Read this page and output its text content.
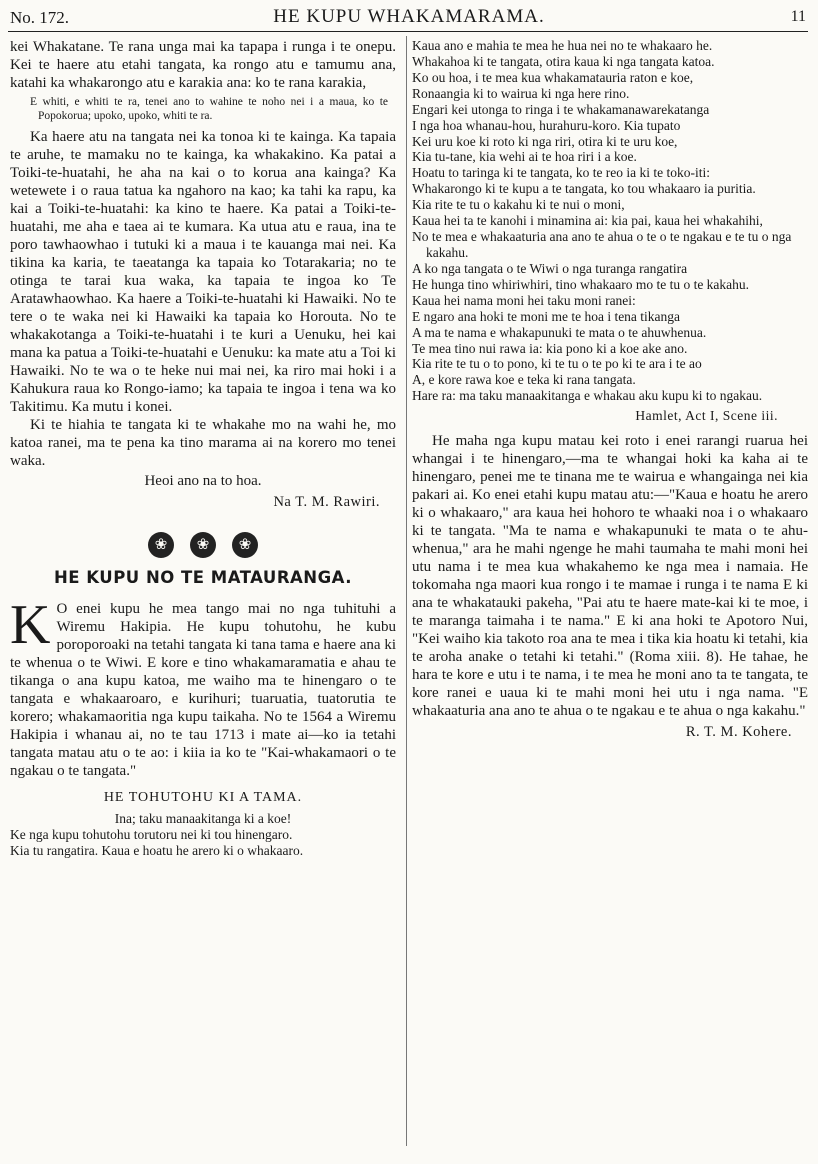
No. 172.	HE KUPU WHAKAMARAMA.	11

kei Whakatane. Te rana unga mai ka tapapa i runga i te onepu. Kei te haere atu etahi tangata, ka rongo atu e tamumu ana, katahi ka whakarongo atu e karakia ana: ko te rana karakia,

E whiti, e whiti te ra, tenei ano to wahine te noho nei i a maua, ko te Popokorua; upoko, upoko, whiti te ra.

Ka haere atu na tangata nei ka tonoa ki te kainga. Ka tapaia te aruhe, te mamaku no te kainga, ka whakakino. Ka patai a Toiki-te-huatahi, he aha na kai o to korua ana kainga? Ka wetewete i o raua tatua ka ngahoro na kao; ka tahi ka rapu, ka kai a Toiki-te-huatahi: ka kino te haere. Ka patai a Toiki-te-huatahi, me aha e taea ai te kumara. Ka utua atu e raua, ina te poro tawhaowhao i tutuki ki a maua i te kauanga mai nei. Ka tikina ka karia, te taeatanga ka tapaia ko Totarakaria; no te otinga te tarai kua waka, ka tapaia te ingoa ko Te Aratawhaowhao. Ka haere a Toiki-te-huatahi ki Hawaiki. No te tere o te waka nei ki Hawaiki ka tapaia ko Horouta. No te whakakotanga a Toiki-te-huatahi i te kuri a Uenuku, hei kai mana ka patua a Toiki-te-huatahi e Uenuku: ka mate atu a Toi ki Hawaiki. No te wa o te heke nui mai nei, ka riro mai hoki i a Kahukura raua ko Rongo-iamo; ka tapaia te ingoa i tena wa ko Takitimu. Ka mutu i konei.

Ki te hiahia te tangata ki te whakahe mo na wahi he, mo katoa ranei, ma te pena ka tino marama ai na korero mo tenei waka.

Heoi ano na to hoa.

Na T. M. Rawiri.

❀ ❀ ❀
HE KUPU NO TE MATAURANGA.

K O enei kupu he mea tango mai no nga tuhituhi a Wiremu Hakipia. He kupu tohutohu, he kubu poroporoaki na tetahi tangata ki tana tama e haere ana ki te whenua o te Wiwi. E kore e tino whakamaramatia e ahau te tikanga o ana kupu katoa, me waiho ma te hinengaro o te tangata e whakaaroaro, e kurihuri; tuaruatia, tuatorutia te korero; whakamaoritia nga kupu taikaha. No te 1564 a Wiremu Hakipia i whanau ai, no te tau 1713 i mate ai—ko ia tetahi tangata matau atu o te ao: i kiia ia ko te "Kai-whakamaori o te ngakau o te tangata."

HE TOHUTOHU KI A TAMA.

Ina; taku manaakitanga ki a koe!

Ke nga kupu tohutohu torutoru nei ki tou hinengaro.

Kia tu rangatira. Kaua e hoatu he arero ki o whakaaro.

Kaua ano e mahia te mea he hua nei no te whakaaro he.

Whakahoa ki te tangata, otira kaua ki nga tangata katoa.

Ko ou hoa, i te mea kua whakamatauria raton e koe,

Ronaangia ki to wairua ki nga here rino.

Engari kei utonga to ringa i te whakamanawarekatanga

I nga hoa whanau-hou, hurahuru-koro. Kia tupato

Kei uru koe ki roto ki nga riri, otira ki te uru koe,

Kia tu-tane, kia wehi ai te hoa riri i a koe.

Hoatu to taringa ki te tangata, ko te reo ia ki te toko-iti:

Whakarongo ki te kupu a te tangata, ko tou whakaaro ia puritia.

Kia rite te tu o kakahu ki te nui o moni,

Kaua hei ta te kanohi i minamina ai: kia pai, kaua hei whakahihi,

No te mea e whakaaturia ana ano te ahua o te o te ngakau e te tu o nga kakahu.

A ko nga tangata o te Wiwi o nga turanga rangatira

He hunga tino whiriwhiri, tino whakaaro mo te tu o te kakahu.

Kaua hei nama moni hei taku moni ranei:

E ngaro ana hoki te moni me te hoa i tena tikanga

A ma te nama e whakapunuki te mata o te ahuwhenua.

Te mea tino nui rawa ia: kia pono ki a koe ake ano.

Kia rite te tu o to pono, ki te tu o te po ki te ara i te ao

A, e kore rawa koe e teka ki rana tangata.

Hare ra: ma taku manaakitanga e whakau aku kupu ki to ngakau.

Hamlet, Act I, Scene iii.

He maha nga kupu matau kei roto i enei rarangi ruarua hei whangai i te hinengaro,—ma te whangai hoki ka kaha ai te hinengaro, penei me te tinana me te wairua e whangainga nei kia pakari ai. Ko enei etahi kupu matau atu:—"Kaua e hoatu he arero ki o whakaaro," ara kaua hei hohoro te whaaki noa i o whakaaro ki te tangata. "Ma te nama e whakapunuki te mata o te ahu-whenua," ara he mahi ngenge he mahi taumaha te mahi moni hei utu nama i te mea kua whakahemo ke nga mea i namaia. He tokomaha nga maori kua rongo i te mamae i runga i te nama E ki ana te whakatauki pakeha, "Pai atu te haere mate-kai ki te moe, i te maranga taimaha i te nama." E ki ana hoki te Apotoro Nui, "Kei waiho kia takoto roa ana te mea i tika kia hoatu ki tetahi, kia te aroha anake o tetahi ki tetahi." (Roma xiii. 8). He tahae, he hara te kore e utu i te nama, i te mea he moni ano ta te tangata, te kore ranei e uaua ki te mahi moni hei utu i nga nama. "E whakaaturia ana ano te ahua o te ngakau e te ahua o nga kakahu."

R. T. M. Kohere.
